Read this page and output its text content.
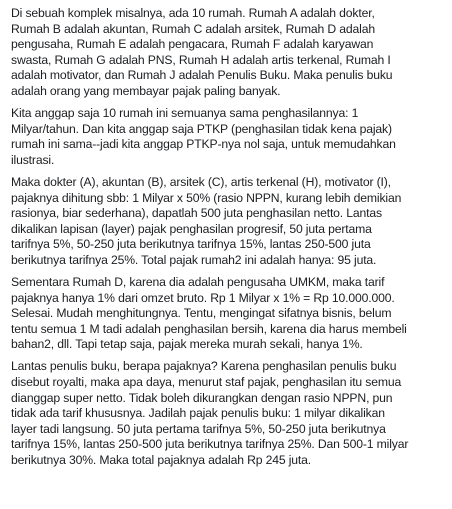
Di sebuah komplek misalnya, ada 10 rumah. Rumah A adalah dokter,
Rumah B adalah akuntan, Rumah C adalah arsitek, Rumah D adalah
pengusaha, Rumah E adalah pengacara, Rumah F adalah karyawan
swasta, Rumah G adalah PNS, Rumah H adalah artis terkenal, Rumah I
adalah motivator, dan Rumah J adalah Penulis Buku. Maka penulis buku
adalah orang yang membayar pajak paling banyak.

Kita anggap saja 10 rumah ini semuanya sama penghasilannya: 1
Milyar/tahun. Dan kita anggap saja PTKP (penghasilan tidak kena pajak)
rumah ini sama--jadi kita anggap PTKP-nya nol saja, untuk memudahkan
ilustrasi.

Maka dokter (A), akuntan (B), arsitek (C), artis terkenal (H), motivator (I),
pajaknya dihitung sbb: 1 Milyar x 50% (rasio NPPN, kurang lebih demikian
rasionya, biar sederhana), dapatlah 500 juta penghasilan netto. Lantas
dikalikan lapisan (layer) pajak penghasilan progresif, 50 juta pertama
tarifnya 5%, 50-250 juta berikutnya tarifnya 15%, lantas 250-500 juta
berikutnya tarifnya 25%. Total pajak rumah2 ini adalah hanya: 95 juta.

Sementara Rumah D, karena dia adalah pengusaha UMKM, maka tarif
pajaknya hanya 1% dari omzet bruto. Rp 1 Milyar x 1% = Rp 10.000.000.
Selesai. Mudah menghitungnya. Tentu, mengingat sifatnya bisnis, belum
tentu semua 1 M tadi adalah penghasilan bersih, karena dia harus membeli
bahan2, dll. Tapi tetap saja, pajak mereka murah sekali, hanya 1%.

Lantas penulis buku, berapa pajaknya? Karena penghasilan penulis buku
disebut royalti, maka apa daya, menurut staf pajak, penghasilan itu semua
dianggap super netto. Tidak boleh dikurangkan dengan rasio NPPN, pun
tidak ada tarif khususnya. Jadilah pajak penulis buku: 1 milyar dikalikan
layer tadi langsung. 50 juta pertama tarifnya 5%, 50-250 juta berikutnya
tarifnya 15%, lantas 250-500 juta berikutnya tarifnya 25%. Dan 500-1 milyar
berikutnya 30%. Maka total pajaknya adalah Rp 245 juta.
